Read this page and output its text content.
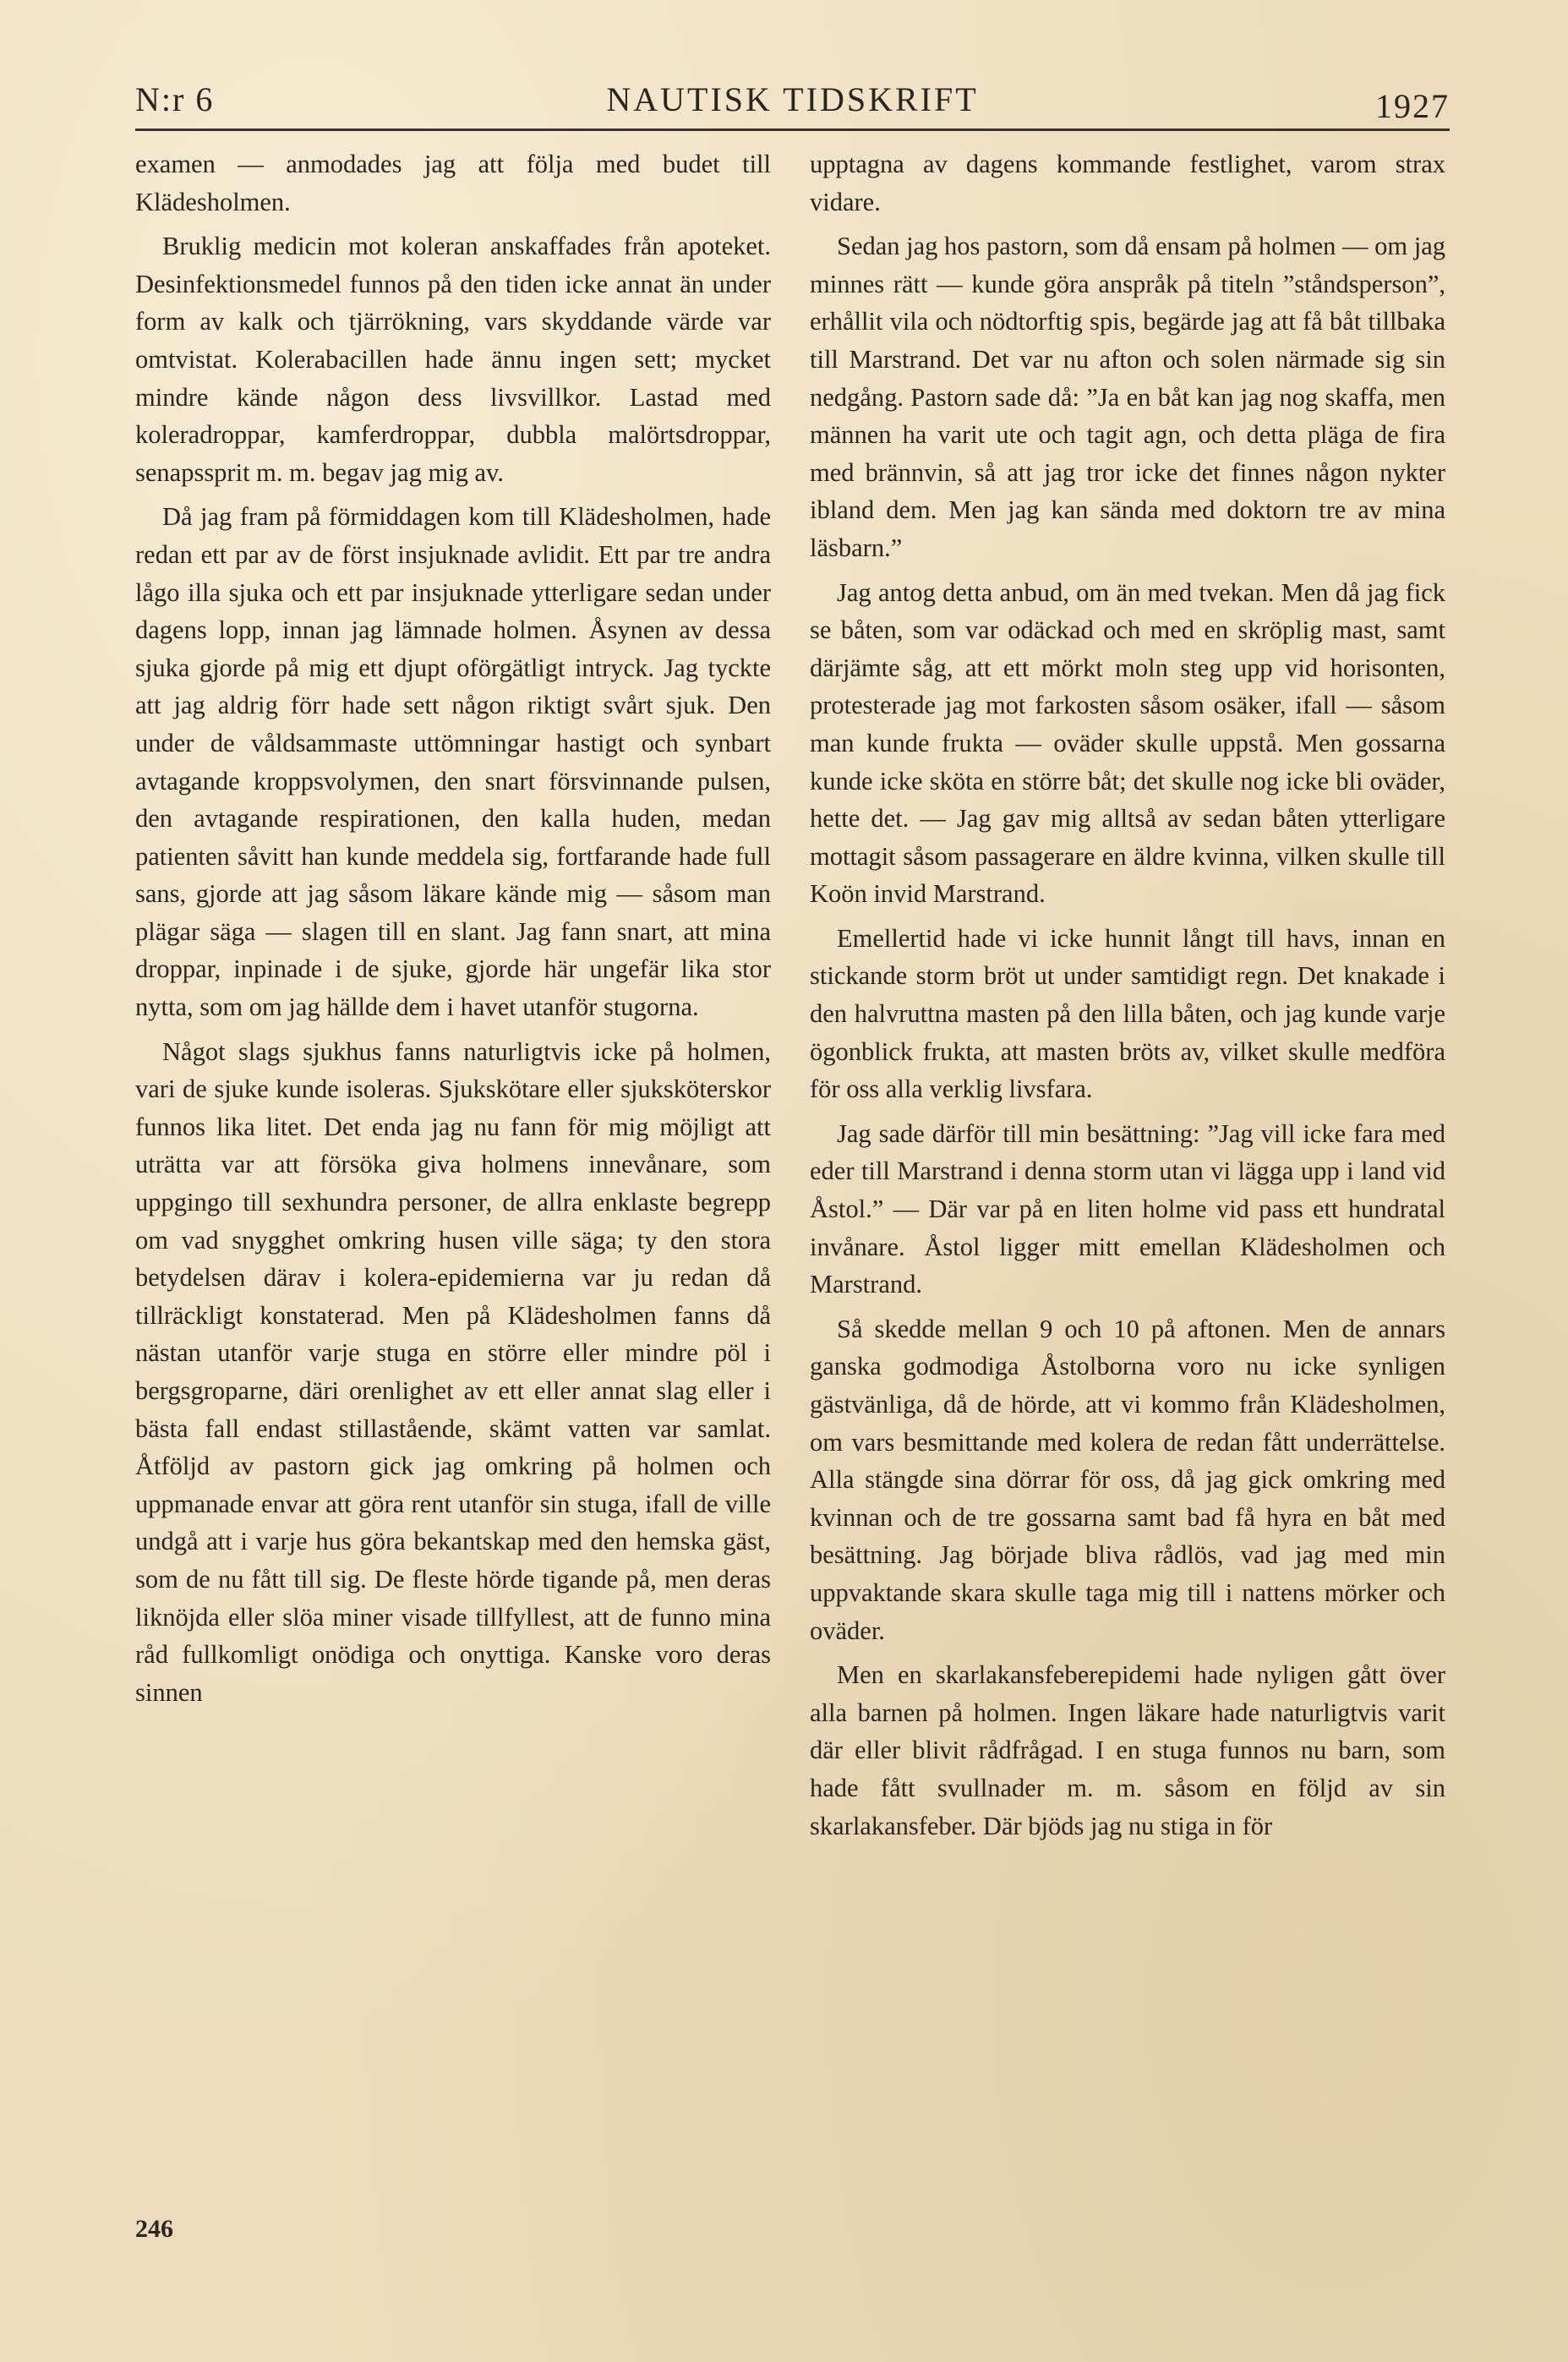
N:r 6	NAUTISK TIDSKRIFT	1927

examen — anmodades jag att följa med budet till Klädesholmen.

Bruklig medicin mot koleran anskaffades från apoteket. Desinfektionsmedel funnos på den tiden icke annat än under form av kalk och tjärrökning, vars skyddande värde var omtvistat. Kolerabacillen hade ännu ingen sett; mycket mindre kände någon dess livsvillkor. Lastad med koleradroppar, kamferdroppar, dubbla malörtsdroppar, senapssprit m. m. begav jag mig av.

Då jag fram på förmiddagen kom till Klädesholmen, hade redan ett par av de först insjuknade avlidit. Ett par tre andra lågo illa sjuka och ett par insjuknade ytterligare sedan under dagens lopp, innan jag lämnade holmen. Åsynen av dessa sjuka gjorde på mig ett djupt oförgätligt intryck. Jag tyckte att jag aldrig förr hade sett någon riktigt svårt sjuk. Den under de våldsammaste uttömningar hastigt och synbart avtagande kroppsvolymen, den snart försvinnande pulsen, den avtagande respirationen, den kalla huden, medan patienten såvitt han kunde meddela sig, fortfarande hade full sans, gjorde att jag såsom läkare kände mig — såsom man plägar säga — slagen till en slant. Jag fann snart, att mina droppar, inpinade i de sjuke, gjorde här ungefär lika stor nytta, som om jag hällde dem i havet utanför stugorna.

Något slags sjukhus fanns naturligtvis icke på holmen, vari de sjuke kunde isoleras. Sjukskötare eller sjuksköterskor funnos lika litet. Det enda jag nu fann för mig möjligt att uträtta var att försöka giva holmens innevånare, som uppgingo till sexhundra personer, de allra enklaste begrepp om vad snygghet omkring husen ville säga; ty den stora betydelsen därav i kolera-epidemierna var ju redan då tillräckligt konstaterad. Men på Klädesholmen fanns då nästan utanför varje stuga en större eller mindre pöl i bergsgroparne, däri orenlighet av ett eller annat slag eller i bästa fall endast stillastående, skämt vatten var samlat. Åtföljd av pastorn gick jag omkring på holmen och uppmanade envar att göra rent utanför sin stuga, ifall de ville undgå att i varje hus göra bekantskap med den hemska gäst, som de nu fått till sig. De fleste hörde tigande på, men deras liknöjda eller slöa miner visade tillfyllest, att de funno mina råd fullkomligt onödiga och onyttiga. Kanske voro deras sinnen

upptagna av dagens kommande festlighet, varom strax vidare.

Sedan jag hos pastorn, som då ensam på holmen — om jag minnes rätt — kunde göra anspråk på titeln ”ståndsperson”, erhållit vila och nödtorftig spis, begärde jag att få båt tillbaka till Marstrand. Det var nu afton och solen närmade sig sin nedgång. Pastorn sade då: ”Ja en båt kan jag nog skaffa, men männen ha varit ute och tagit agn, och detta pläga de fira med brännvin, så att jag tror icke det finnes någon nykter ibland dem. Men jag kan sända med doktorn tre av mina läsbarn.”

Jag antog detta anbud, om än med tvekan. Men då jag fick se båten, som var odäckad och med en skröplig mast, samt därjämte såg, att ett mörkt moln steg upp vid horisonten, protesterade jag mot farkosten såsom osäker, ifall — såsom man kunde frukta — oväder skulle uppstå. Men gossarna kunde icke sköta en större båt; det skulle nog icke bli oväder, hette det. — Jag gav mig alltså av sedan båten ytterligare mottagit såsom passagerare en äldre kvinna, vilken skulle till Koön invid Marstrand.

Emellertid hade vi icke hunnit långt till havs, innan en stickande storm bröt ut under samtidigt regn. Det knakade i den halvruttna masten på den lilla båten, och jag kunde varje ögonblick frukta, att masten bröts av, vilket skulle medföra för oss alla verklig livsfara.

Jag sade därför till min besättning: ”Jag vill icke fara med eder till Marstrand i denna storm utan vi lägga upp i land vid Åstol.” — Där var på en liten holme vid pass ett hundratal invånare. Åstol ligger mitt emellan Klädesholmen och Marstrand.

Så skedde mellan 9 och 10 på aftonen. Men de annars ganska godmodiga Åstolborna voro nu icke synligen gästvänliga, då de hörde, att vi kommo från Klädesholmen, om vars besmittande med kolera de redan fått underrättelse. Alla stängde sina dörrar för oss, då jag gick omkring med kvinnan och de tre gossarna samt bad få hyra en båt med besättning. Jag började bliva rådlös, vad jag med min uppvaktande skara skulle taga mig till i nattens mörker och oväder.

Men en skarlakansfeberepidemi hade nyligen gått över alla barnen på holmen. Ingen läkare hade naturligtvis varit där eller blivit rådfrågad. I en stuga funnos nu barn, som hade fått svullnader m. m. såsom en följd av sin skarlakansfeber. Där bjöds jag nu stiga in för

246
